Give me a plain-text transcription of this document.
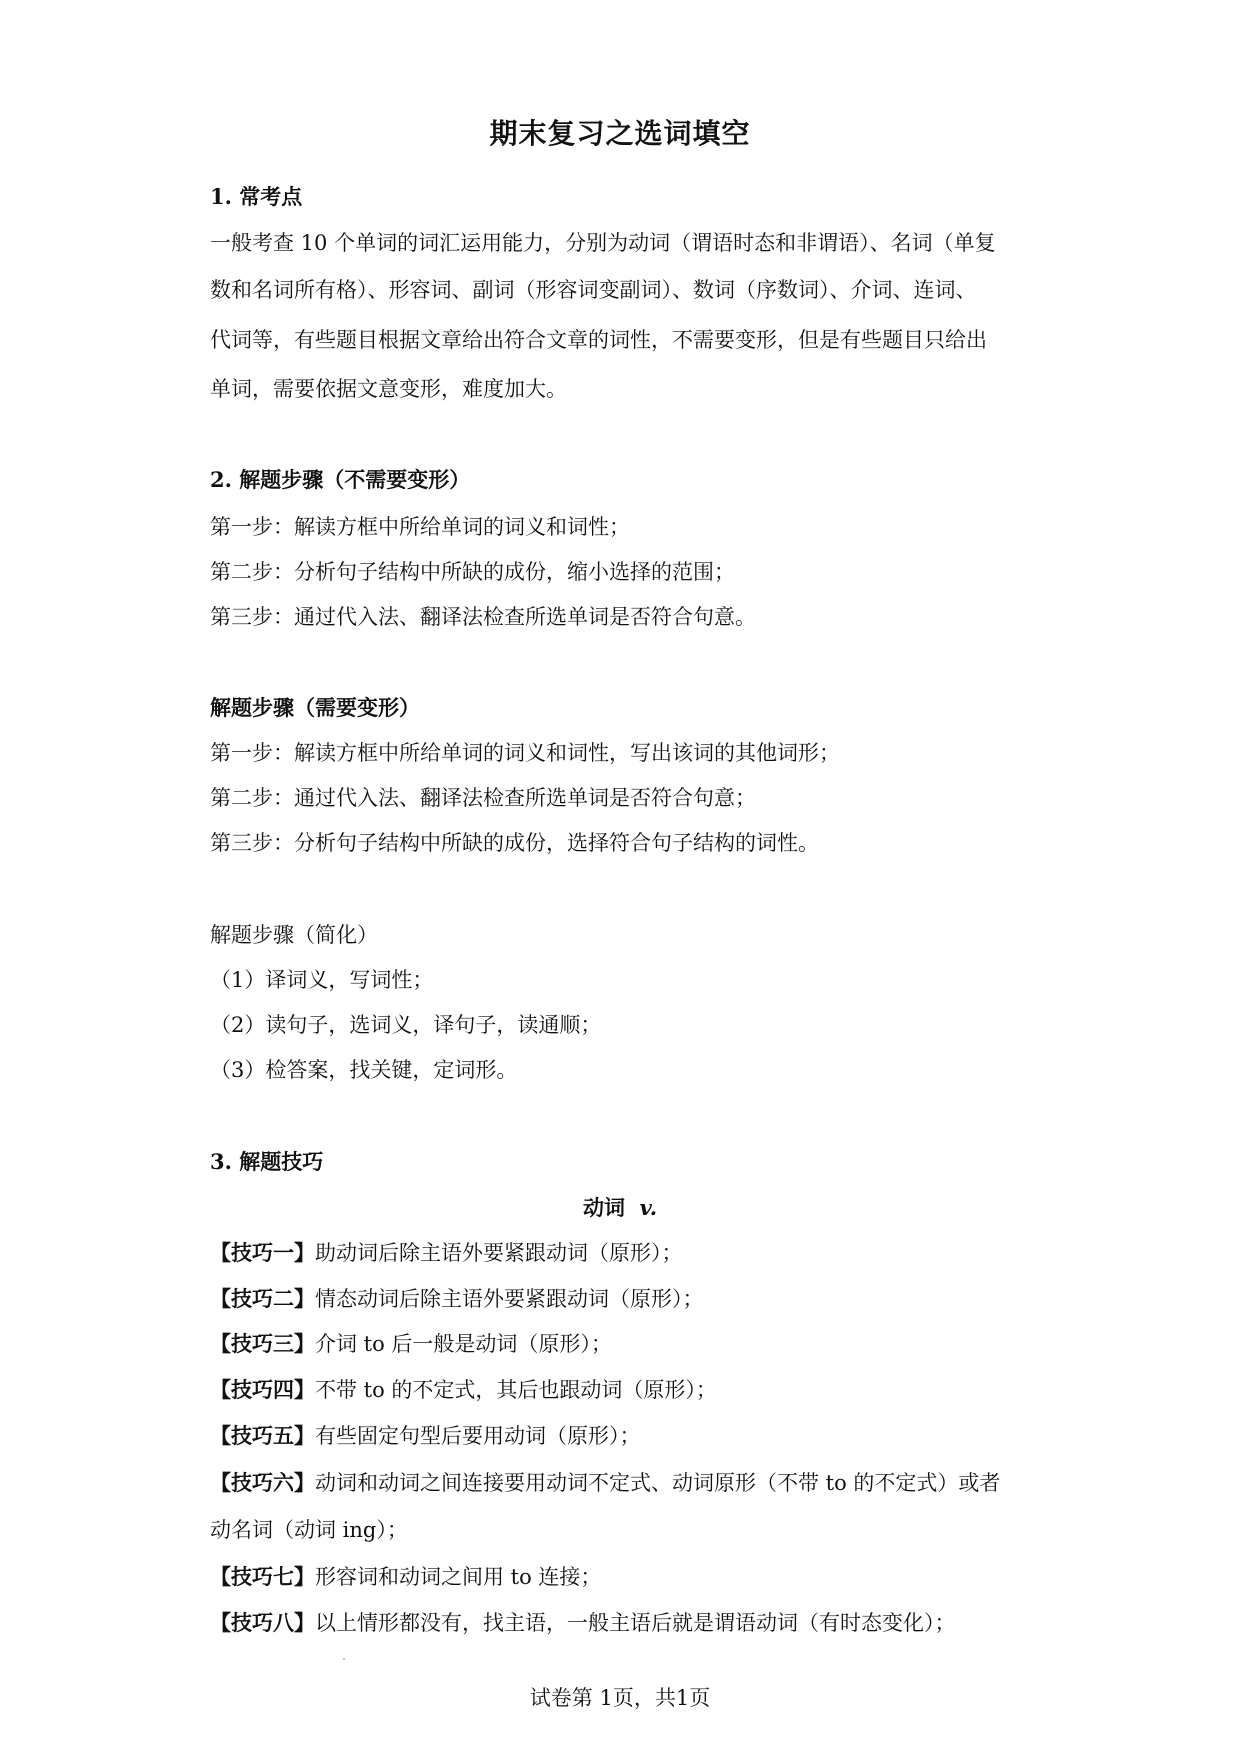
期末复习之选词填空
1. 常考点
一般考查 10 个单词的词汇运用能力，分别为动词（谓语时态和非谓语）、名词（单复
数和名词所有格）、形容词、副词（形容词变副词）、数词（序数词）、介词、连词、
代词等，有些题目根据文章给出符合文章的词性，不需要变形，但是有些题目只给出
单词，需要依据文意变形，难度加大。
2. 解题步骤（不需要变形）
第一步：解读方框中所给单词的词义和词性；
第二步：分析句子结构中所缺的成份，缩小选择的范围；
第三步：通过代入法、翻译法检查所选单词是否符合句意。
解题步骤（需要变形）
第一步：解读方框中所给单词的词义和词性，写出该词的其他词形；
第二步：通过代入法、翻译法检查所选单词是否符合句意；
第三步：分析句子结构中所缺的成份，选择符合句子结构的词性。
解题步骤（简化）
（1）译词义，写词性；
（2）读句子，选词义，译句子，读通顺；
（3）检答案，找关键，定词形。
3. 解题技巧
动词 v.
【技巧一】助动词后除主语外要紧跟动词（原形）；
【技巧二】情态动词后除主语外要紧跟动词（原形）；
【技巧三】介词 to 后一般是动词（原形）；
【技巧四】不带 to 的不定式，其后也跟动词（原形）；
【技巧五】有些固定句型后要用动词（原形）；
【技巧六】动词和动词之间连接要用动词不定式、动词原形（不带 to 的不定式）或者
动名词（动词 ing）；
【技巧七】形容词和动词之间用 to 连接；
【技巧八】以上情形都没有，找主语，一般主语后就是谓语动词（有时态变化）；
试卷第 1页，共1页
